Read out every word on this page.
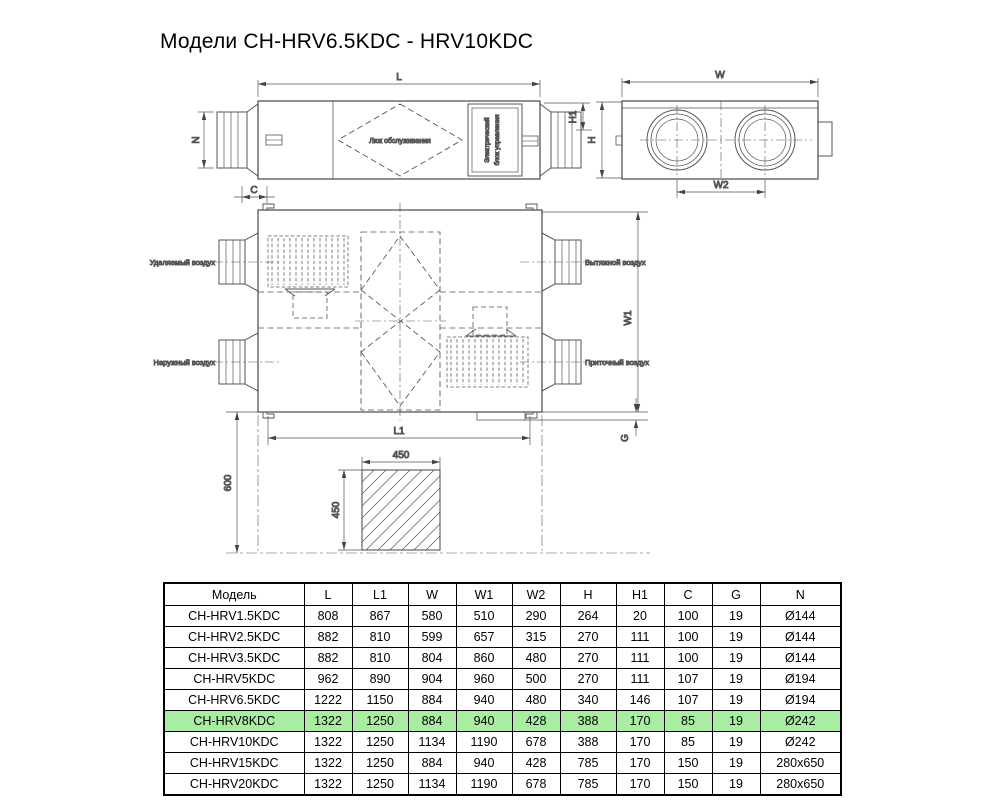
Модели CH-HRV6.5KDC - HRV10KDC
Люк обслуживания	Электрический блок управления
L
N
H1
H
C
W
W2
Удаляемый воздух
Наружный воздух
Вытяжной воздух
Приточный воздух
W1
G
L1
600
450
450
Модель	L	L1	W	W1	W2	H	H1	C	G	N
CH-HRV1.5KDC	808	867	580	510	290	264	20	100	19	Ø144
CH-HRV2.5KDC	882	810	599	657	315	270	111	100	19	Ø144
CH-HRV3.5KDC	882	810	804	860	480	270	111	100	19	Ø144
CH-HRV5KDC	962	890	904	960	500	270	111	107	19	Ø194
CH-HRV6.5KDC	1222	1150	884	940	480	340	146	107	19	Ø194
CH-HRV8KDC	1322	1250	884	940	428	388	170	85	19	Ø242
CH-HRV10KDC	1322	1250	1134	1190	678	388	170	85	19	Ø242
CH-HRV15KDC	1322	1250	884	940	428	785	170	150	19	280x650
CH-HRV20KDC	1322	1250	1134	1190	678	785	170	150	19	280x650
